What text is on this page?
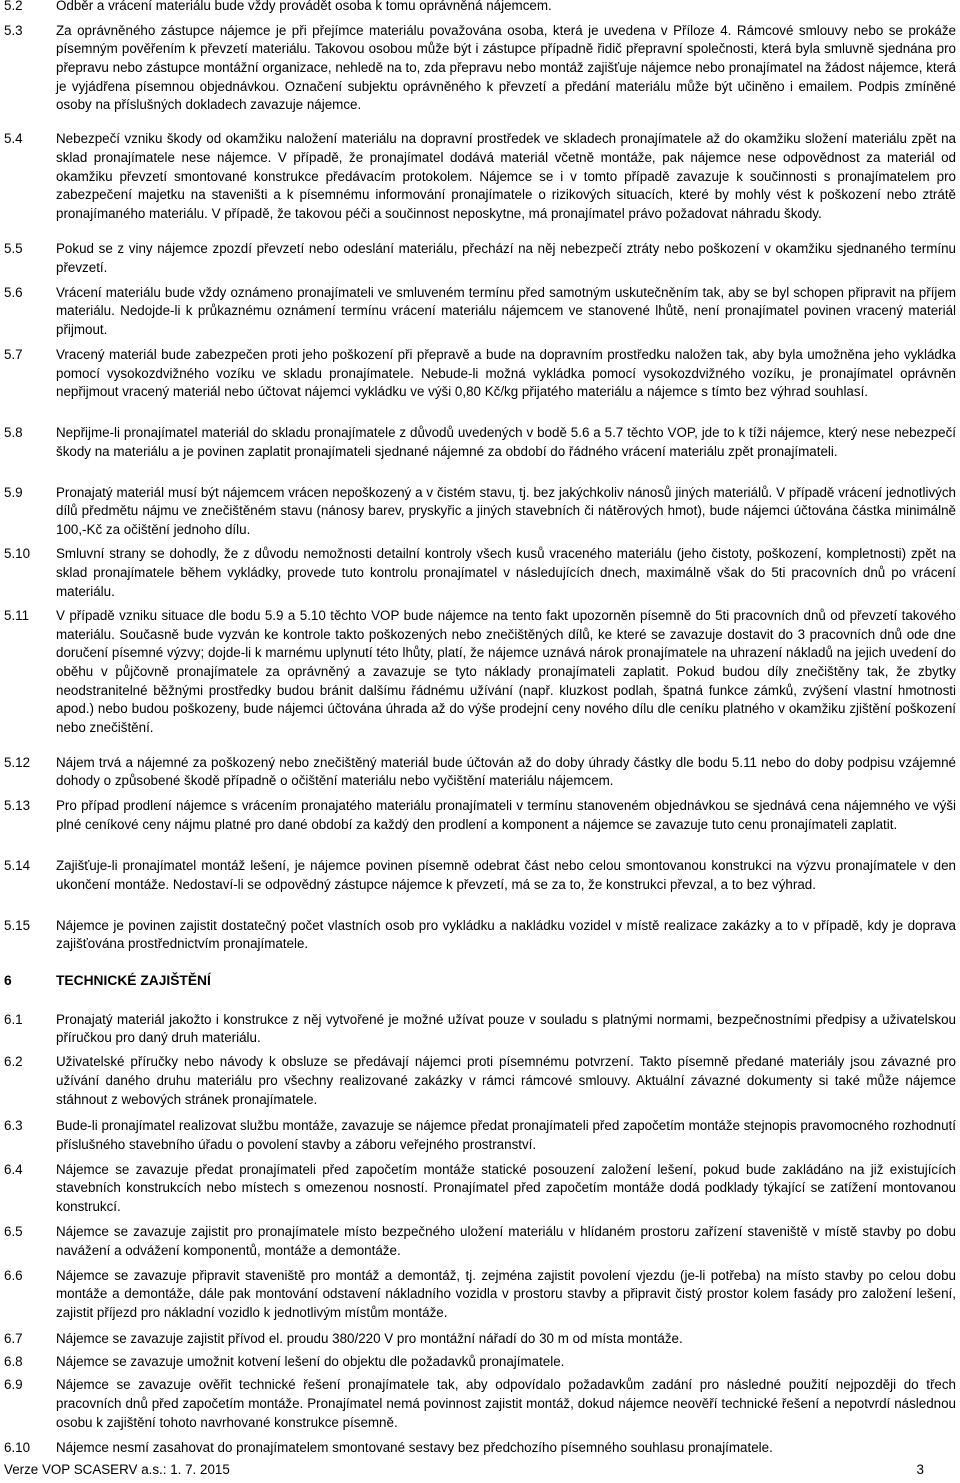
5.2	Odběr a vrácení materiálu bude vždy provádět osoba k tomu oprávněná nájemcem.
5.3	Za oprávněného zástupce nájemce je při přejímce materiálu považována osoba, která je uvedena v Příloze 4. Rámcové smlouvy nebo se prokáže písemným pověřením k převzetí materiálu. Takovou osobou může být i zástupce případně řidič přepravní společnosti, která byla smluvně sjednána pro přepravu nebo zástupce montážní organizace, nehledě na to, zda přepravu nebo montáž zajišťuje nájemce nebo pronajímatel na žádost nájemce, která je vyjádřena písemnou objednávkou. Označení subjektu oprávněného k převzetí a předání materiálu může být učiněno i emailem. Podpis zmíněné osoby na příslušných dokladech zavazuje nájemce.
5.4	Nebezpečí vzniku škody od okamžiku naložení materiálu na dopravní prostředek ve skladech pronajímatele až do okamžiku složení materiálu zpět na sklad pronajímatele nese nájemce. V případě, že pronajímatel dodává materiál včetně montáže, pak nájemce nese odpovědnost za materiál od okamžiku převzetí smontované konstrukce předávacím protokolem. Nájemce se i v tomto případě zavazuje k součinnosti s pronajímatelem pro zabezpečení majetku na staveništi a k písemnému informování pronajímatele o rizikových situacích, které by mohly vést k poškození nebo ztrátě pronajímaného materiálu. V případě, že takovou péči a součinnost neposkytne, má pronajímatel právo požadovat náhradu škody.
5.5	Pokud se z viny nájemce zpozdí převzetí nebo odeslání materiálu, přechází na něj nebezpečí ztráty nebo poškození v okamžiku sjednaného termínu převzetí.
5.6	Vrácení materiálu bude vždy oznámeno pronajímateli ve smluveném termínu před samotným uskutečněním tak, aby se byl schopen připravit na příjem materiálu. Nedojde-li k průkaznému oznámení termínu vrácení materiálu nájemcem ve stanovené lhůtě, není pronajímatel povinen vracený materiál přijmout.
5.7	Vracený materiál bude zabezpečen proti jeho poškození při přepravě a bude na dopravním prostředku naložen tak, aby byla umožněna jeho vykládka pomocí vysokozdvižného vozíku ve skladu pronajímatele. Nebude-li možná vykládka pomocí vysokozdvižného vozíku, je pronajímatel oprávněn nepřijmout vracený materiál nebo účtovat nájemci vykládku ve výši 0,80 Kč/kg přijatého materiálu a nájemce s tímto bez výhrad souhlasí.
5.8	Nepřijme-li pronajímatel materiál do skladu pronajímatele z důvodů uvedených v bodě 5.6 a 5.7 těchto VOP, jde to k tíži nájemce, který nese nebezpečí škody na materiálu a je povinen zaplatit pronajímateli sjednané nájemné za období do řádného vrácení materiálu zpět pronajímateli.
5.9	Pronajatý materiál musí být nájemcem vrácen nepoškozený a v čistém stavu, tj. bez jakýchkoliv nánosů jiných materiálů. V případě vrácení jednotlivých dílů předmětu nájmu ve znečištěném stavu (nánosy barev, pryskyřic a jiných stavebních či nátěrových hmot), bude nájemci účtována částka minimálně 100,-Kč za očištění jednoho dílu.
5.10	Smluvní strany se dohodly, že z důvodu nemožnosti detailní kontroly všech kusů vraceného materiálu (jeho čistoty, poškození, kompletnosti) zpět na sklad pronajímatele během vykládky, provede tuto kontrolu pronajímatel v následujících dnech, maximálně však do 5ti pracovních dnů po vrácení materiálu.
5.11	V případě vzniku situace dle bodu 5.9 a 5.10 těchto VOP bude nájemce na tento fakt upozorněn písemně do 5ti pracovních dnů od převzetí takového materiálu. Současně bude vyzván ke kontrole takto poškozených nebo znečištěných dílů, ke které se zavazuje dostavit do 3 pracovních dnů ode dne doručení písemné výzvy; dojde-li k marnému uplynutí této lhůty, platí, že nájemce uznává nárok pronajímatele na uhrazení nákladů na jejich uvedení do oběhu v půjčovně pronajímatele za oprávněný a zavazuje se tyto náklady pronajímateli zaplatit. Pokud budou díly znečištěny tak, že zbytky neodstranitelné běžnými prostředky budou bránit dalšímu řádnému užívání (např. kluzkost podlah, špatná funkce zámků, zvýšení vlastní hmotnosti apod.) nebo budou poškozeny, bude nájemci účtována úhrada až do výše prodejní ceny nového dílu dle ceníku platného v okamžiku zjištění poškození nebo znečištění.
5.12	Nájem trvá a nájemné za poškozený nebo znečištěný materiál bude účtován až do doby úhrady částky dle bodu 5.11 nebo do doby podpisu vzájemné dohody o způsobené škodě případně o očištění materiálu nebo vyčištění materiálu nájemcem.
5.13	Pro případ prodlení nájemce s vrácením pronajatého materiálu pronajímateli v termínu stanoveném objednávkou se sjednává cena nájemného ve výši plné ceníkové ceny nájmu platné pro dané období za každý den prodlení a komponent a nájemce se zavazuje tuto cenu pronajímateli zaplatit.
5.14	Zajišťuje-li pronajímatel montáž lešení, je nájemce povinen písemně odebrat část nebo celou smontovanou konstrukci na výzvu pronajímatele v den ukončení montáže. Nedostaví-li se odpovědný zástupce nájemce k převzetí, má se za to, že konstrukci převzal, a to bez výhrad.
5.15	Nájemce je povinen zajistit dostatečný počet vlastních osob pro vykládku a nakládku vozidel v místě realizace zakázky a to v případě, kdy je doprava zajišťována prostřednictvím pronajímatele.
6	TECHNICKÉ ZAJIŠTĚNÍ
6.1	Pronajatý materiál jakožto i konstrukce z něj vytvořené je možné užívat pouze v souladu s platnými normami, bezpečnostními předpisy a uživatelskou příručkou pro daný druh materiálu.
6.2	Uživatelské příručky nebo návody k obsluze se předávají nájemci proti písemnému potvrzení. Takto písemně předané materiály jsou závazné pro užívání daného druhu materiálu pro všechny realizované zakázky v rámci rámcové smlouvy. Aktuální závazné dokumenty si také může nájemce stáhnout z webových stránek pronajímatele.
6.3	Bude-li pronajímatel realizovat službu montáže, zavazuje se nájemce předat pronajímateli před započetím montáže stejnopis pravomocného rozhodnutí příslušného stavebního úřadu o povolení stavby a záboru veřejného prostranství.
6.4	Nájemce se zavazuje předat pronajímateli před započetím montáže statické posouzení založení lešení, pokud bude zakládáno na již existujících stavebních konstrukcích nebo místech s omezenou nosností. Pronajímatel před započetím montáže dodá podklady týkající se zatížení montovanou konstrukcí.
6.5	Nájemce se zavazuje zajistit pro pronajímatele místo bezpečného uložení materiálu v hlídaném prostoru zařízení staveniště v místě stavby po dobu navážení a odvážení komponentů, montáže a demontáže.
6.6	Nájemce se zavazuje připravit staveniště pro montáž a demontáž, tj. zejména zajistit povolení vjezdu (je-li potřeba) na místo stavby po celou dobu montáže a demontáže, dále pak montování odstavení nákladního vozidla v prostoru stavby a připravit čistý prostor kolem fasády pro založení lešení, zajistit příjezd pro nákladní vozidlo k jednotlivým místům montáže.
6.7	Nájemce se zavazuje zajistit přívod el. proudu 380/220 V pro montážní nářadí do 30 m od místa montáže.
6.8	Nájemce se zavazuje umožnit kotvení lešení do objektu dle požadavků pronajímatele.
6.9	Nájemce se zavazuje ověřit technické řešení pronajímatele tak, aby odpovídalo požadavkům zadání pro následné použití nejpozději do třech pracovních dnů před započetím montáže. Pronajímatel nemá povinnost zajistit montáž, dokud nájemce neověří technické řešení a nepotvrdí následnou osobu k zajištění tohoto navrhované konstrukce písemně.
6.10	Nájemce nesmí zasahovat do pronajímatelem smontované sestavy bez předchozího písemného souhlasu pronajímatele.
Verze VOP SCASERV a.s.: 1. 7. 2015	3
